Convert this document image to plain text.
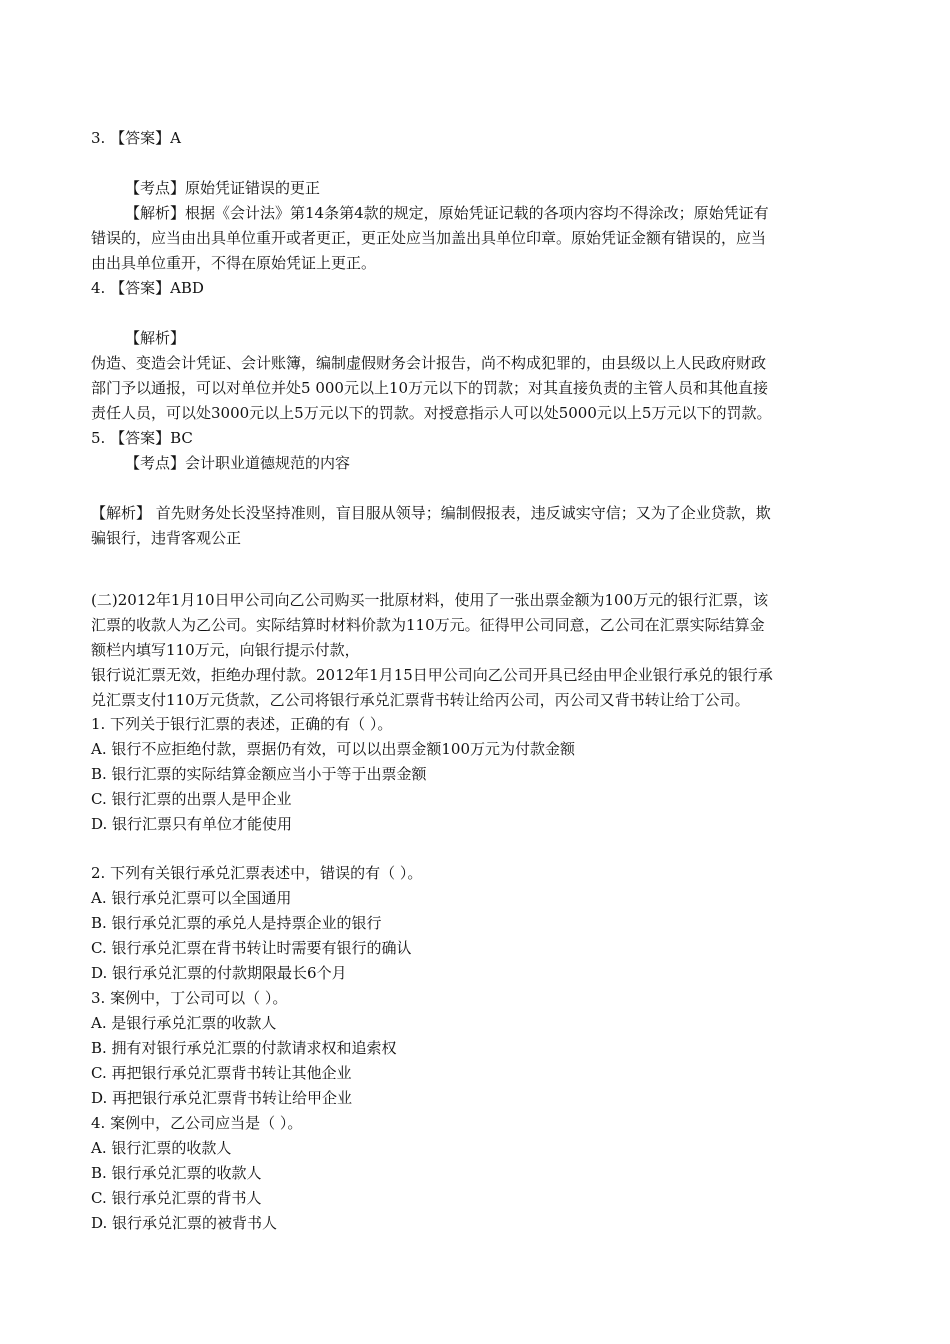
3. 【答案】A
【考点】原始凭证错误的更正
【解析】根据《会计法》第14条第4款的规定，原始凭证记载的各项内容均不得涂改；原始凭证有
错误的，应当由出具单位重开或者更正，更正处应当加盖出具单位印章。原始凭证金额有错误的，应当
由出具单位重开，不得在原始凭证上更正。
4. 【答案】ABD
【解析】
伪造、变造会计凭证、会计账簿，编制虚假财务会计报告，尚不构成犯罪的，由县级以上人民政府财政
部门予以通报，可以对单位并处5 000元以上10万元以下的罚款；对其直接负责的主管人员和其他直接
责任人员，可以处3000元以上5万元以下的罚款。对授意指示人可以处5000元以上5万元以下的罚款。
5. 【答案】BC
【考点】会计职业道德规范的内容
【解析】 首先财务处长没坚持准则，盲目服从领导；编制假报表，违反诚实守信；又为了企业贷款，欺
骗银行，违背客观公正
(二)2012年1月10日甲公司向乙公司购买一批原材料，使用了一张出票金额为100万元的银行汇票，该
汇票的收款人为乙公司。实际结算时材料价款为110万元。征得甲公司同意，乙公司在汇票实际结算金
额栏内填写110万元，向银行提示付款，
银行说汇票无效，拒绝办理付款。2012年1月15日甲公司向乙公司开具已经由甲企业银行承兑的银行承
兑汇票支付110万元货款，乙公司将银行承兑汇票背书转让给丙公司，丙公司又背书转让给丁公司。
1. 下列关于银行汇票的表述，正确的有（ ）。
A. 银行不应拒绝付款，票据仍有效，可以以出票金额100万元为付款金额
B. 银行汇票的实际结算金额应当小于等于出票金额
C. 银行汇票的出票人是甲企业
D. 银行汇票只有单位才能使用
2. 下列有关银行承兑汇票表述中，错误的有（ ）。
A. 银行承兑汇票可以全国通用
B. 银行承兑汇票的承兑人是持票企业的银行
C. 银行承兑汇票在背书转让时需要有银行的确认
D. 银行承兑汇票的付款期限最长6个月
3. 案例中，丁公司可以（ ）。
A. 是银行承兑汇票的收款人
B. 拥有对银行承兑汇票的付款请求权和追索权
C. 再把银行承兑汇票背书转让其他企业
D. 再把银行承兑汇票背书转让给甲企业
4. 案例中，乙公司应当是（ ）。
A. 银行汇票的收款人
B. 银行承兑汇票的收款人
C. 银行承兑汇票的背书人
D. 银行承兑汇票的被背书人
